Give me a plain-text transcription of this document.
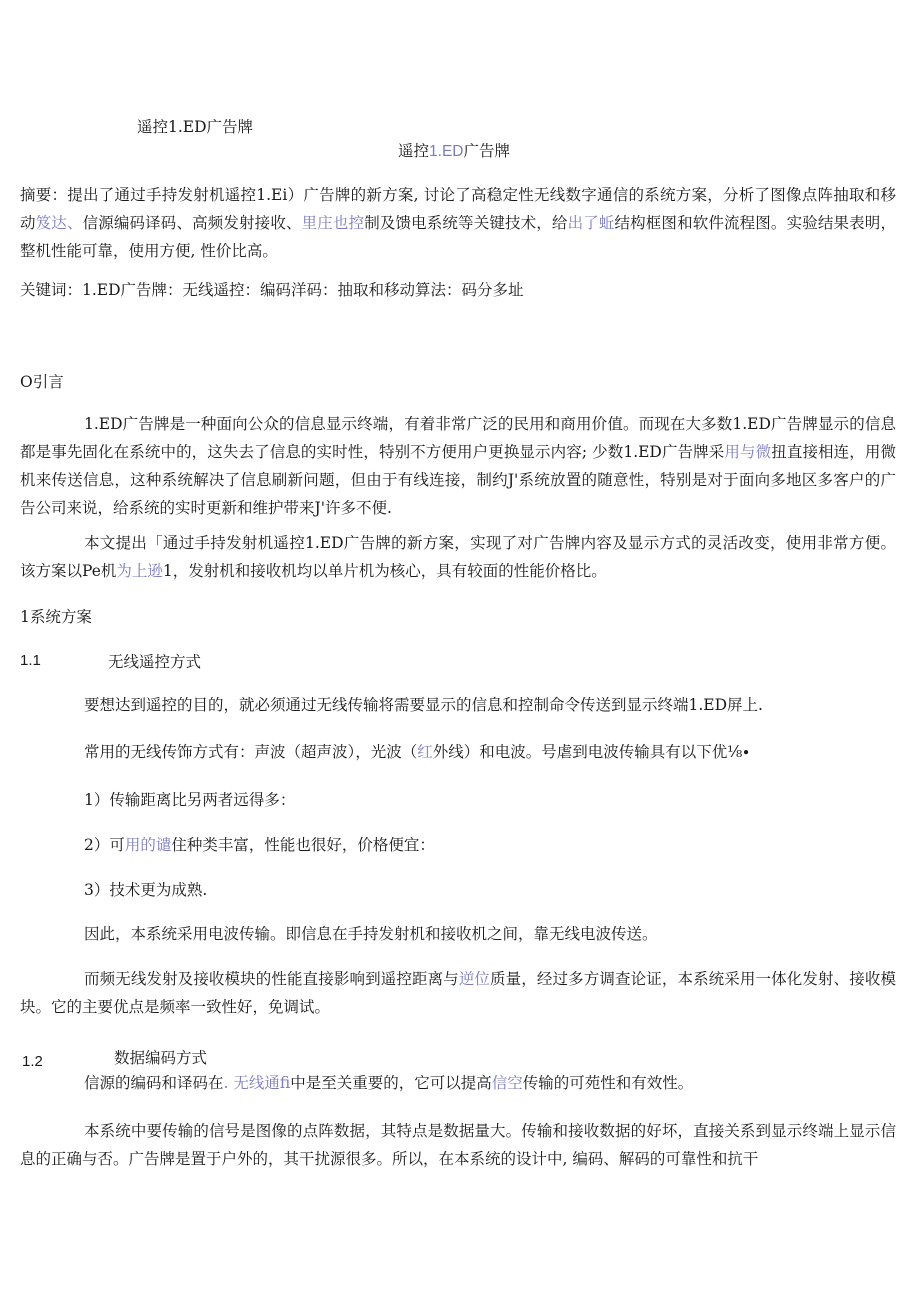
遥控1.ED广告牌
遥控1.ED广告牌
摘要：提出了通过手持发射机遥控1.Ei）广告牌的新方案, 讨论了高稳定性无线数字通信的系统方案，分析了图像点阵抽取和移动笈达、信源编码译码、高频发射接收、里庄也控制及馈电系统等关键技术，给出了蚯结构框图和软件流程图。实验结果表明，整机性能可靠，使用方便, 性价比高。
关键词：1.ED广告牌：无线遥控：编码洋码：抽取和移动算法：码分多址
O引言
1.ED广告牌是一种面向公众的信息显示终端，有着非常广泛的民用和商用价值。而现在大多数1.ED广告牌显示的信息都是事先固化在系统中的，这失去了信息的实时性，特别不方便用户更换显示内容; 少数1.ED广告牌采用与微扭直接相连，用微机来传送信息，这种系统解决了信息刷新问题，但由于有线连接，制约J'系统放置的随意性，特别是对于面向多地区多客户的广告公司来说，给系统的实时更新和维护带来J'许多不便.
本文提出「通过手持发射机遥控1.ED广告牌的新方案，实现了对广告牌内容及显示方式的灵活改变，使用非常方便。该方案以Pe机为上逊1，发射机和接收机均以单片机为核心，具有较面的性能价格比。
1系统方案
1.1	无线遥控方式
要想达到遥控的目的，就必须通过无线传输将需要显示的信息和控制命令传送到显示终端1.ED屏上.
常用的无线传饰方式有：声波（超声波），光波（红外线）和电波。号虐到电波传输具有以下优⅛∙
1）传输距离比另两者远得多：
2）可用的谴住种类丰富，性能也很好，价格便宜：
3）技术更为成熟.
因此，本系统采用电波传输。即信息在手持发射机和接收机之间，靠无线电波传送。
而频无线发射及接收模块的性能直接影响到遥控距离与逆位质量，经过多方调查论证，本系统采用一体化发射、接收模块。它的主要优点是频率一致性好，免调试。
1.2	数据编码方式
信源的编码和译码在. 无线通fi中是至关重要的，它可以提高信空传输的可苑性和有效性。
本系统中要传输的信号是图像的点阵数据，其特点是数据量大。传输和接收数据的好坏，直接关系到显示终端上显示信息的正确与否。广告牌是置于户外的，其干扰源很多。所以，在本系统的设计中, 编码、解码的可靠性和抗干
